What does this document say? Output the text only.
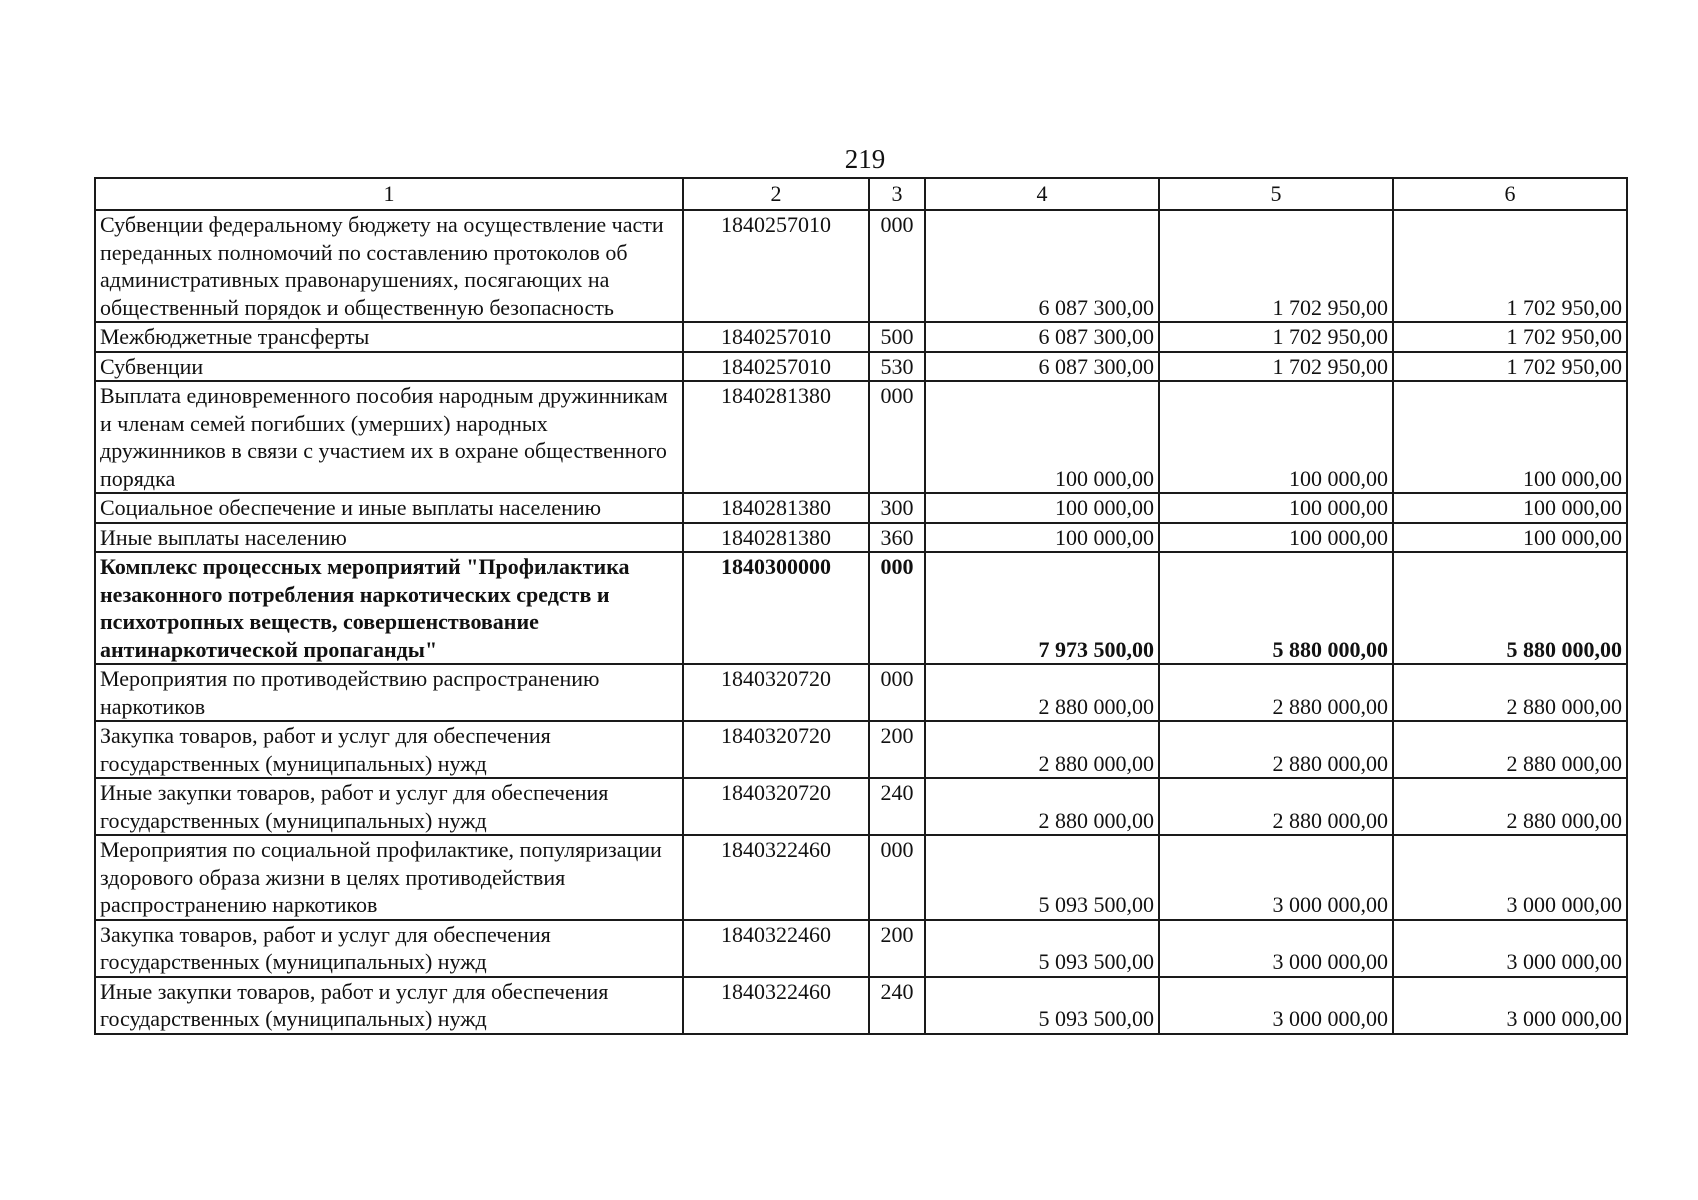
219
1	2	3	4	5	6
Субвенции федеральному бюджету на осуществление части переданных полномочий по составлению протоколов об административных правонарушениях, посягающих на общественный порядок и общественную безопасность	1840257010	000	6 087 300,00	1 702 950,00	1 702 950,00
Межбюджетные трансферты	1840257010	500	6 087 300,00	1 702 950,00	1 702 950,00
Субвенции	1840257010	530	6 087 300,00	1 702 950,00	1 702 950,00
Выплата единовременного пособия народным дружинникам и членам семей погибших (умерших) народных дружинников в связи с участием их в охране общественного порядка	1840281380	000	100 000,00	100 000,00	100 000,00
Социальное обеспечение и иные выплаты населению	1840281380	300	100 000,00	100 000,00	100 000,00
Иные выплаты населению	1840281380	360	100 000,00	100 000,00	100 000,00
Комплекс процессных мероприятий "Профилактика незаконного потребления наркотических средств и психотропных веществ, совершенствование антинаркотической пропаганды"	1840300000	000	7 973 500,00	5 880 000,00	5 880 000,00
Мероприятия по противодействию распространению наркотиков	1840320720	000	2 880 000,00	2 880 000,00	2 880 000,00
Закупка товаров, работ и услуг для обеспечения государственных (муниципальных) нужд	1840320720	200	2 880 000,00	2 880 000,00	2 880 000,00
Иные закупки товаров, работ и услуг для обеспечения государственных (муниципальных) нужд	1840320720	240	2 880 000,00	2 880 000,00	2 880 000,00
Мероприятия по социальной профилактике, популяризации здорового образа жизни в целях противодействия распространению наркотиков	1840322460	000	5 093 500,00	3 000 000,00	3 000 000,00
Закупка товаров, работ и услуг для обеспечения государственных (муниципальных) нужд	1840322460	200	5 093 500,00	3 000 000,00	3 000 000,00
Иные закупки товаров, работ и услуг для обеспечения государственных (муниципальных) нужд	1840322460	240	5 093 500,00	3 000 000,00	3 000 000,00
